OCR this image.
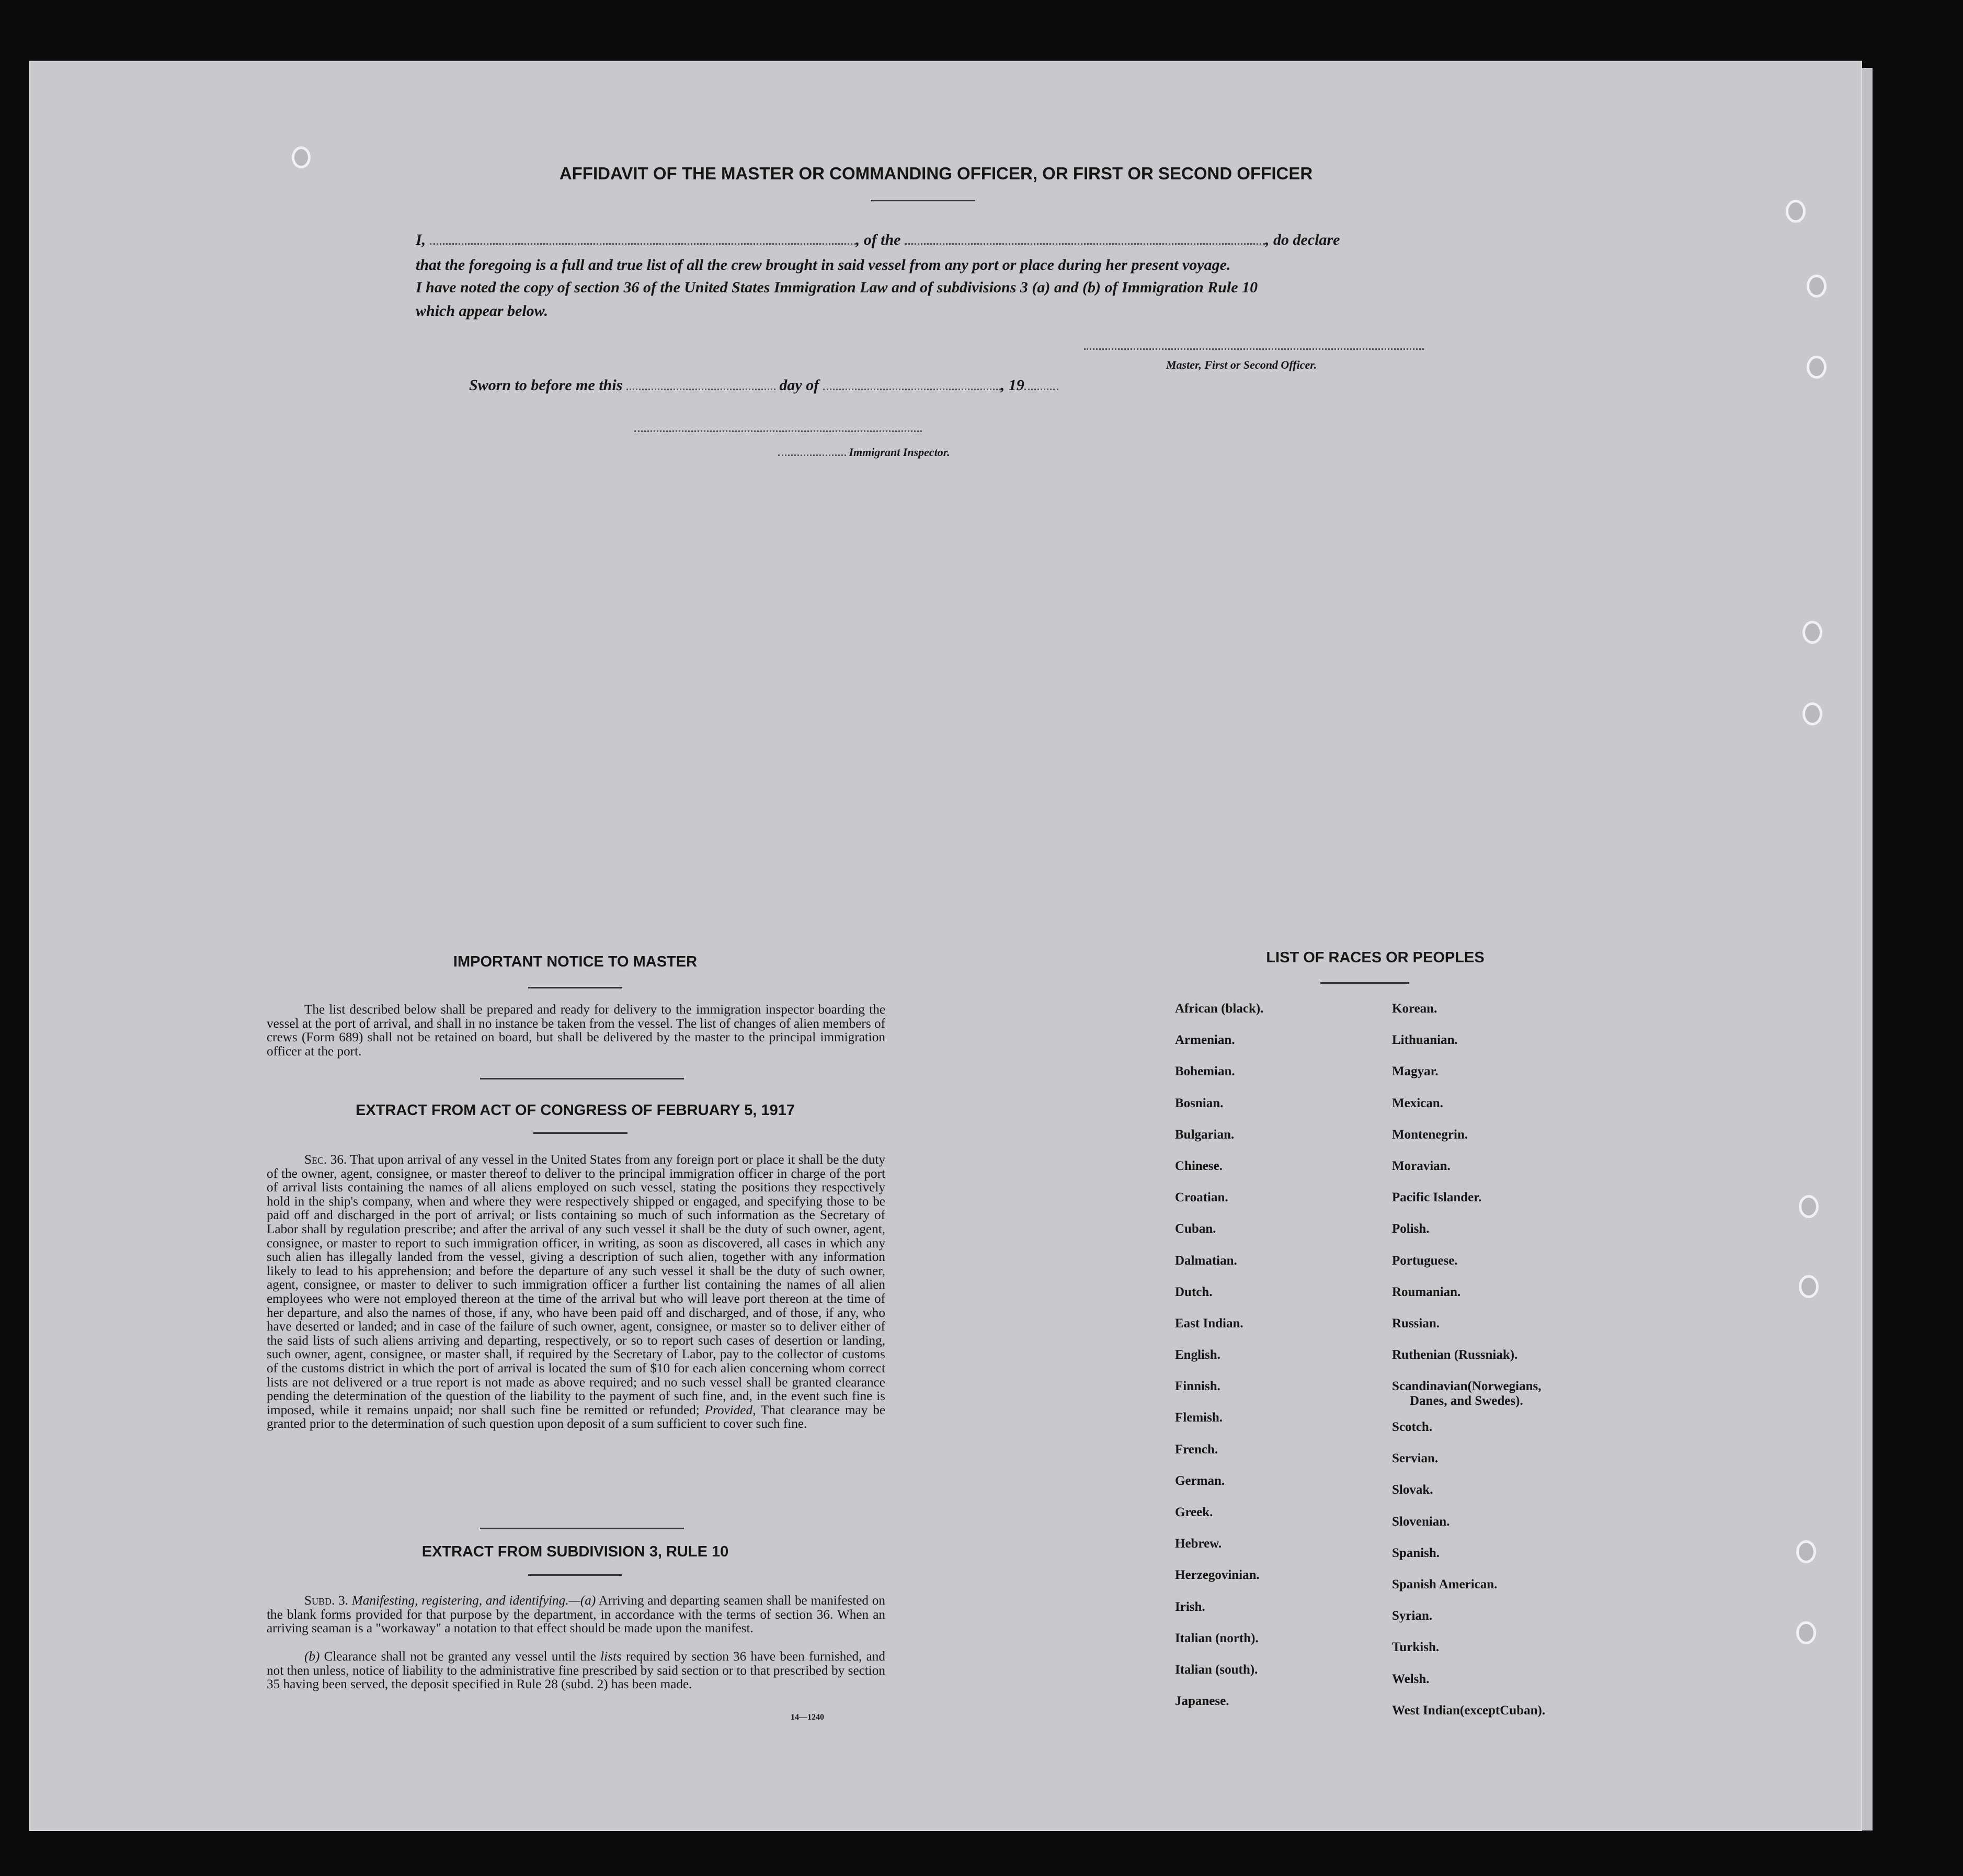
AFFIDAVIT OF THE MASTER OR COMMANDING OFFICER, OR FIRST OR SECOND OFFICER
I,	, of the	, do declare
that the foregoing is a full and true list of all the crew brought in said vessel from any port or place during her present voyage.
I have noted the copy of section 36 of the United States Immigration Law and of subdivisions 3 (a) and (b) of Immigration Rule 10
which appear below.
Master, First or Second Officer.
Sworn to before me this	day of	, 19
Immigrant Inspector.
IMPORTANT NOTICE TO MASTER
The list described below shall be prepared and ready for delivery to the immigration inspector boarding the vessel at the port of arrival, and shall in no instance be taken from the vessel. The list of changes of alien members of crews (Form 689) shall not be retained on board, but shall be delivered by the master to the principal immigration officer at the port.
EXTRACT FROM ACT OF CONGRESS OF FEBRUARY 5, 1917
Sec. 36. That upon arrival of any vessel in the United States from any foreign port or place it shall be the duty of the owner, agent, consignee, or master thereof to deliver to the principal immigration officer in charge of the port of arrival lists containing the names of all aliens employed on such vessel, stating the positions they respectively hold in the ship's company, when and where they were respectively shipped or engaged, and specifying those to be paid off and discharged in the port of arrival; or lists containing so much of such information as the Secretary of Labor shall by regulation prescribe; and after the arrival of any such vessel it shall be the duty of such owner, agent, consignee, or master to report to such immigration officer, in writing, as soon as discovered, all cases in which any such alien has illegally landed from the vessel, giving a description of such alien, together with any information likely to lead to his apprehension; and before the departure of any such vessel it shall be the duty of such owner, agent, consignee, or master to deliver to such immigration officer a further list containing the names of all alien employees who were not employed thereon at the time of the arrival but who will leave port thereon at the time of her departure, and also the names of those, if any, who have been paid off and discharged, and of those, if any, who have deserted or landed; and in case of the failure of such owner, agent, consignee, or master so to deliver either of the said lists of such aliens arriving and departing, respectively, or so to report such cases of desertion or landing, such owner, agent, consignee, or master shall, if required by the Secretary of Labor, pay to the collector of customs of the customs district in which the port of arrival is located the sum of $10 for each alien concerning whom correct lists are not delivered or a true report is not made as above required; and no such vessel shall be granted clearance pending the determination of the question of the liability to the payment of such fine, and, in the event such fine is imposed, while it remains unpaid; nor shall such fine be remitted or refunded; Provided, That clearance may be granted prior to the determination of such question upon deposit of a sum sufficient to cover such fine.
EXTRACT FROM SUBDIVISION 3, RULE 10
Subd. 3. Manifesting, registering, and identifying.—(a) Arriving and departing seamen shall be manifested on the blank forms provided for that purpose by the department, in accordance with the terms of section 36. When an arriving seaman is a "workaway" a notation to that effect should be made upon the manifest.
(b) Clearance shall not be granted any vessel until the lists required by section 36 have been furnished, and not then unless, notice of liability to the administrative fine prescribed by said section or to that prescribed by section 35 having been served, the deposit specified in Rule 28 (subd. 2) has been made.
14—1240
LIST OF RACES OR PEOPLES
African (black).
Armenian.
Bohemian.
Bosnian.
Bulgarian.
Chinese.
Croatian.
Cuban.
Dalmatian.
Dutch.
East Indian.
English.
Finnish.
Flemish.
French.
German.
Greek.
Hebrew.
Herzegovinian.
Irish.
Italian (north).
Italian (south).
Japanese.
Korean.
Lithuanian.
Magyar.
Mexican.
Montenegrin.
Moravian.
Pacific Islander.
Polish.
Portuguese.
Roumanian.
Russian.
Ruthenian (Russniak).
Scandinavian(Norwegians,
Danes, and Swedes).
Scotch.
Servian.
Slovak.
Slovenian.
Spanish.
Spanish American.
Syrian.
Turkish.
Welsh.
West Indian(exceptCuban).
